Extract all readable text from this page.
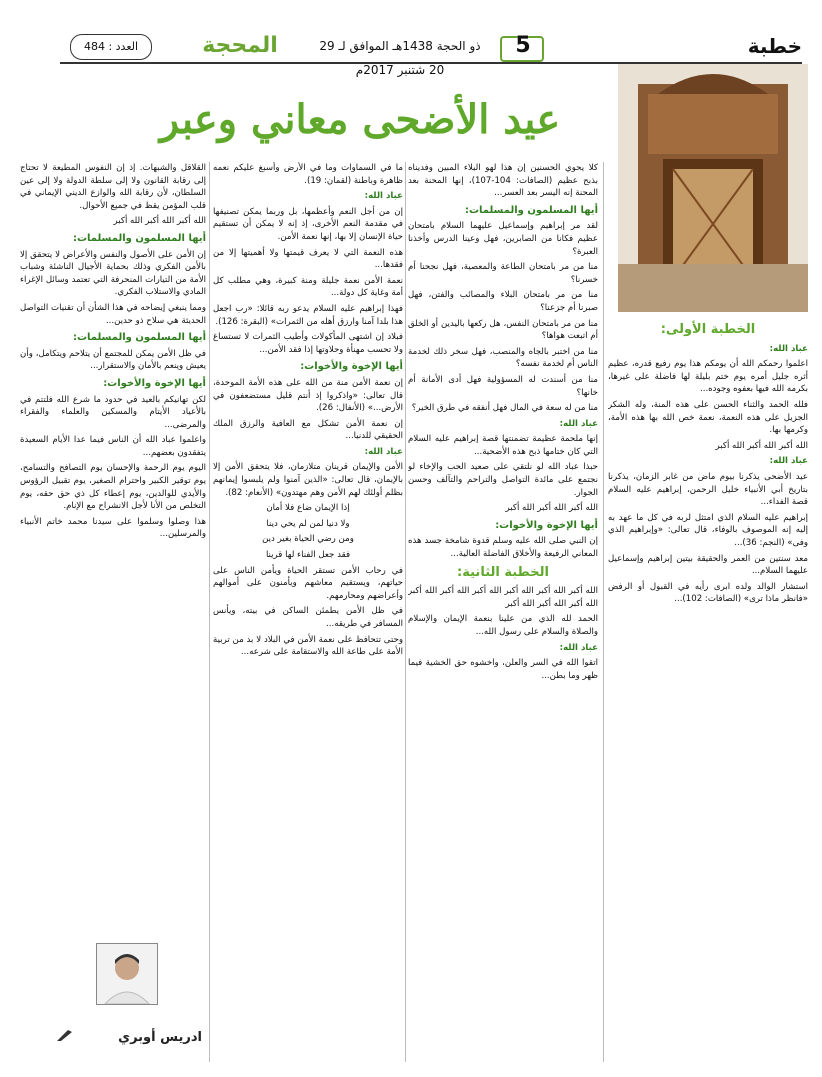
العدد : 484	المحجة	29 ذو الحجة 1438هـ الموافق لـ 20 شتنبر 2017م
5	خطبة
عيد الأضحى معاني وعبر
الخطبة الأولى:

عباد الله:

اعلموا رحمكم الله أن يومكم هذا يوم رفيع قدره، عظيم أثره جليل أمره يوم ختم بليلة لها فاضلة على غيرها، بكرمه الله فيها بعفوه وجوده...

فلله الحمد والثناء الحسن على هذه المنة، وله الشكر الجزيل على هذه النعمة، نعمة خص الله بها هذه الأمة، وكرمها بها.

الله أكبر الله أكبر الله أكبر

عباد الله:

عيد الأضحى يذكرنا بيوم ماض من غابر الزمان، يذكرنا بتاريخ أبي الأنبياء خليل الرحمن، إبراهيم عليه السلام قصة الفداء...

إبراهيم عليه السلام الذي امتثل لربه في كل ما عهد به إليه إنه الموصوف بالوفاء، قال تعالى: «وإبراهيم الذي وفى» (النجم: 36)...

معد سنتين من العمر والحقيقة بيتين إبراهيم وإسماعيل عليهما السلام...

استشار الوالد ولده ابرى رأيه في القبول أو الرفض «فانظر ماذا ترى» (الصافات: 102)...

كلا يحوي الحسنين إن هذا لهو البلاء المبين وفديناه بذبح عظيم (الصافات: 104-107)، إنها المحنة بعد المحنة إنه اليسر بعد العسر...

أيها المسلمون والمسلمات:

لقد مر إبراهيم وإسماعيل عليهما السلام بامتحان عظيم فكانا من الصابرين، فهل وعينا الدرس وأخذنا العبرة؟

منا من مر بامتحان الطاعة والمعصية، فهل نجحنا أم خسرنا؟

منا من مر بامتحان البلاء والمصائب والفتن، فهل صبرنا أم جزعنا؟

منا من مر بامتحان النفس، هل ركعها باليدين أو الخلق أم اتبعت هواها؟

منا من اختبر بالجاه والمنصب، فهل سخر ذلك لخدمة الناس أم لخدمة نفسه؟

منا من أسندت له المسؤولية فهل أدى الأمانة أم خانها؟

منا من له سعة في المال فهل أنفقه في طرق الخير؟

عباد الله:

إنها ملحمة عظيمة تضمنتها قصة إبراهيم عليه السلام التي كان ختامها ذبح هذه الأضحية...

حبذا عباد الله لو نلتقي على صعيد الحب والإخاء لو نجتمع على مائدة التواصل والتراحم والتآلف وحسن الجوار.

الله أكبر الله أكبر الله أكبر

أيها الإخوة والأخوات:

إن النبي صلى الله عليه وسلم قدوة شامخة جسد هذه المعاني الرفيعة والأخلاق الفاضلة العالية...

الخطبة الثانية:

الله أكبر الله أكبر الله أكبر الله أكبر الله أكبر الله أكبر الله أكبر الله أكبر الله أكبر

الحمد لله الذي من علينا بنعمة الإيمان والإسلام والصلاة والسلام على رسول الله...

عباد الله:

اتقوا الله في السر والعلن، واخشوه حق الخشية فيما ظهر وما بطن...

ما في السماوات وما في الأرض وأسبغ عليكم نعمه ظاهرة وباطنة (لقمان: 19).

عباد الله:

إن من أجل النعم وأعظمها، بل وربما يمكن تصنيفها في مقدمة النعم الأخرى، إذ إنه لا يمكن أن تستقيم حياة الإنسان إلا بها، إنها نعمة الأمن.

هذه النعمة التي لا يعرف قيمتها ولا أهميتها إلا من فقدها...

نعمة الأمن نعمة جليلة ومنة كبيرة، وهي مطلب كل أمة وغاية كل دولة...

فهذا إبراهيم عليه السلام يدعو ربه قائلا: «رب اجعل هذا بلدا آمنا وارزق أهله من الثمرات» (البقرة: 126).

فبلاد إن اشتهى المأكولات وأطيب الثمرات لا تستساغ ولا تحسب مهنأة وحلاوتها إذا فقد الأمن...

أيها الإخوة والأخوات:

إن نعمة الأمن منة من الله على هذه الأمة الموحدة، قال تعالى: «واذكروا إذ أنتم قليل مستضعفون في الأرض...» (الأنفال: 26).

إن نعمة الأمن تشكل مع العافية والرزق الملك الحقيقي للدنيا...

عباد الله:

الأمن والإيمان قرينان متلازمان، فلا يتحقق الأمن إلا بالإيمان، قال تعالى: «الذين آمنوا ولم يلبسوا إيمانهم بظلم أولئك لهم الأمن وهم مهتدون» (الأنعام: 82).

إذا الإيمان ضاع فلا أمان

ولا دنيا لمن لم يحي دينا

ومن رضي الحياة بغير دين

فقد جعل الفناء لها قرينا

في رحاب الأمن تستقر الحياة ويأمن الناس على حياتهم، ويستقيم معاشهم ويأمنون على أموالهم وأعراضهم ومحارمهم.

في ظل الأمن يطمئن الساكن في بيته، ويأنس المسافر في طريقه...

وحتى تتحافظ على نعمة الأمن في البلاد لا بد من تربية الأمة على طاعة الله والاستقامة على شرعه...

القلاقل والشبهات. إذ إن النفوس المطيعة لا تحتاج إلى رقابة القانون ولا إلى سلطة الدولة ولا إلى عين السلطان، لأن رقابة الله والوازع الديني الإيماني في قلب المؤمن يقظ في جميع الأحوال.

الله أكبر الله أكبر الله أكبر

أيها المسلمون والمسلمات:

إن الأمن على الأصول والنفس والأعراض لا يتحقق إلا بالأمن الفكري وذلك بحماية الأجيال الناشئة وشباب الأمة من التيارات المنحرفة التي تعتمد وسائل الإغراء المادي والاستلاب الفكري.

ومما ينبغي إيضاحه في هذا الشأن أن تقنيات التواصل الحديثة هي سلاح ذو حدين...

أيها المسلمون والمسلمات:

في ظل الأمن يمكن للمجتمع أن يتلاحم ويتكامل، وأن يعيش وينعم بالأمان والاستقرار...

أيها الإخوة والأخوات:

لكن تهانيكم بالعيد في حدود ما شرع الله فلتتم في بالأعياد الأيتام والمسكين والعلماء والفقراء والمرضى...

واعلموا عباد الله أن الناس فيما عدا الأيام السعيدة يتفقدون بعضهم...

اليوم يوم الرحمة والإحسان يوم التصافح والتسامح، يوم توقير الكبير واحترام الصغير، يوم تقبيل الرؤوس والأيدي للوالدين، يوم إعطاء كل ذي حق حقه، يوم التخلص من الأنا لأجل الانشراح مع الإنام.

هذا وصلوا وسلموا على سيدنا محمد خاتم الأنبياء والمرسلين...

ادريس أوبري
